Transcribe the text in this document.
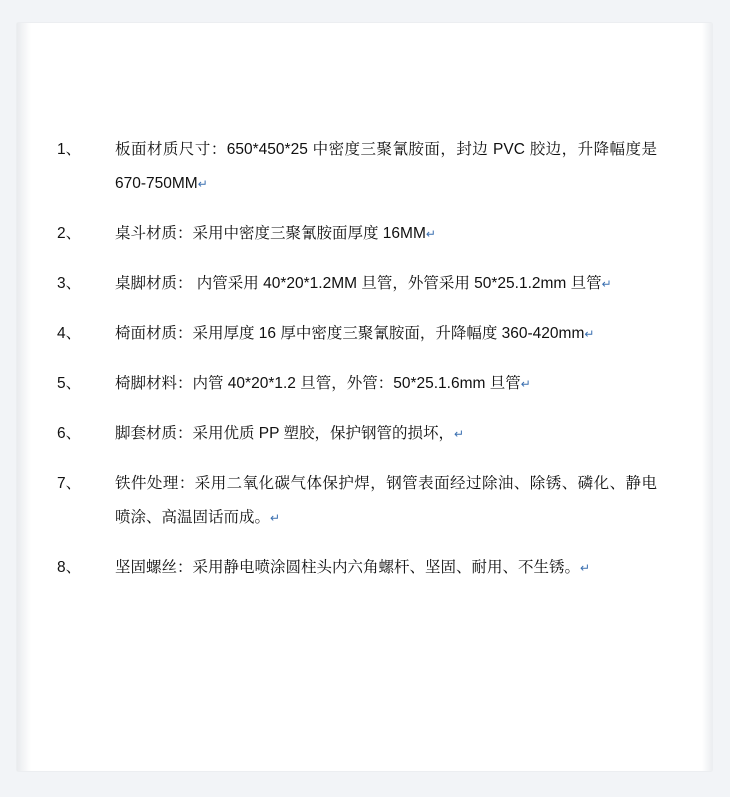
1、	板面材质尺寸：650*450*25 中密度三聚氰胺面，封边 PVC 胶边，升降幅度是 670-750MM↵
2、	桌斗材质：采用中密度三聚氰胺面厚度 16MM↵
3、	桌脚材质： 内管采用 40*20*1.2MM 旦管，外管采用 50*25.1.2mm 旦管↵
4、	椅面材质：采用厚度 16 厚中密度三聚氰胺面，升降幅度 360-420mm↵
5、	椅脚材料：内管 40*20*1.2 旦管，外管：50*25.1.6mm 旦管↵
6、	脚套材质：采用优质 PP 塑胶，保护钢管的损坏，↵
7、	铁件处理：采用二氧化碳气体保护焊，钢管表面经过除油、除锈、磷化、静电喷涂、高温固话而成。↵
8、	坚固螺丝：采用静电喷涂圆柱头内六角螺杆、坚固、耐用、不生锈。↵
